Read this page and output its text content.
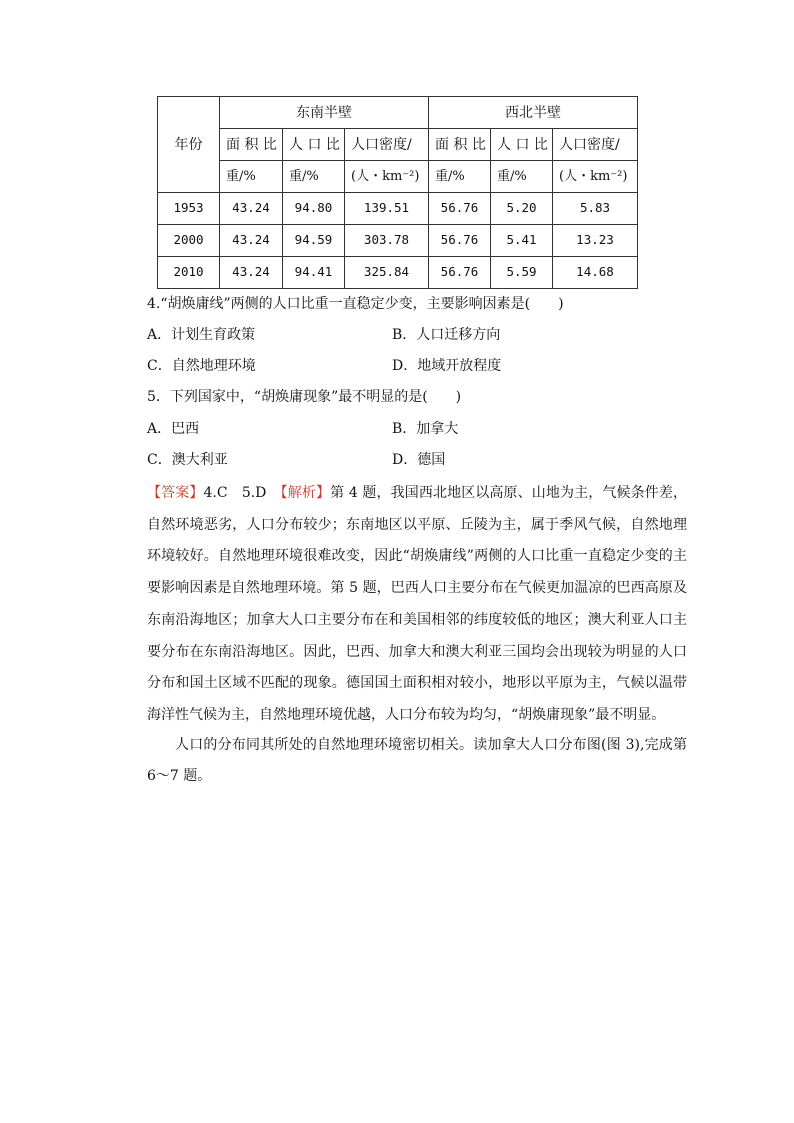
年份	东南半壁			西北半壁		
	面 积 比	人 口 比	人口密度/	面 积 比	人 口 比	人口密度/
	重/%	重/%	(人・km⁻²)	重/%	重/%	(人・km⁻²)
1953	43.24	94.80	139.51	56.76	5.20	5.83
2000	43.24	94.59	303.78	56.76	5.41	13.23
2010	43.24	94.41	325.84	56.76	5.59	14.68
4.“胡焕庸线”两侧的人口比重一直稳定少变，主要影响因素是(　　)
A．计划生育政策	B．人口迁移方向
C．自然地理环境	D．地域开放程度
5．下列国家中，“胡焕庸现象”最不明显的是(　　)
A．巴西	B．加拿大
C．澳大利亚	D．德国
【答案】4.C　5.D　【解析】第 4 题，我国西北地区以高原、山地为主，气候条件差，自然环境恶劣，人口分布较少；东南地区以平原、丘陵为主，属于季风气候，自然地理环境较好。自然地理环境很难改变，因此“胡焕庸线”两侧的人口比重一直稳定少变的主要影响因素是自然地理环境。第 5 题，巴西人口主要分布在气候更加温凉的巴西高原及东南沿海地区；加拿大人口主要分布在和美国相邻的纬度较低的地区；澳大利亚人口主要分布在东南沿海地区。因此，巴西、加拿大和澳大利亚三国均会出现较为明显的人口分布和国土区域不匹配的现象。德国国土面积相对较小，地形以平原为主，气候以温带海洋性气候为主，自然地理环境优越，人口分布较为均匀，“胡焕庸现象”最不明显。
人口的分布同其所处的自然地理环境密切相关。读加拿大人口分布图(图 3),完成第 6～7 题。
